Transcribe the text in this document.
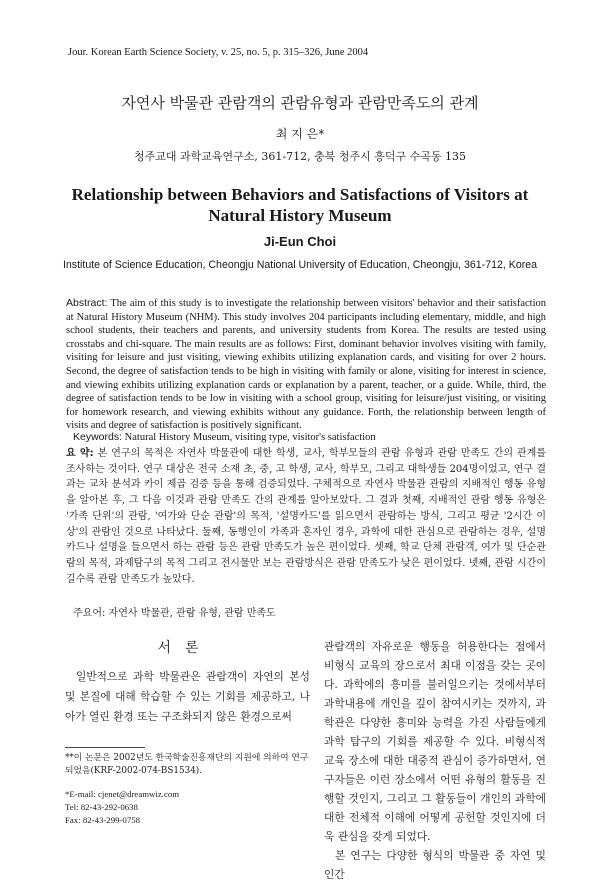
Jour. Korean Earth Science Society, v. 25, no. 5, p. 315–326, June 2004
자연사 박물관 관람객의 관람유형과 관람만족도의 관계
최 지 은*
청주교대 과학교육연구소, 361-712, 충북 청주시 흥덕구 수곡동 135
Relationship between Behaviors and Satisfactions of Visitors at
Natural History Museum
Ji-Eun Choi
Institute of Science Education, Cheongju National University of Education, Cheongju, 361-712, Korea
Abstract: The aim of this study is to investigate the relationship between visitors' behavior and their satisfaction at Natural History Museum (NHM). This study involves 204 participants including elementary, middle, and high school students, their teachers and parents, and university students from Korea. The results are tested using crosstabs and chi-square. The main results are as follows: First, dominant behavior involves visiting with family, visiting for leisure and just visiting, viewing exhibits utilizing explanation cards, and visiting for over 2 hours. Second, the degree of satisfaction tends to be high in visiting with family or alone, visiting for interest in science, and viewing exhibits utilizing explanation cards or explanation by a parent, teacher, or a guide. While, third, the degree of satisfaction tends to be low in visiting with a school group, visiting for leisure/just visiting, or visiting for homework research, and viewing exhibits without any guidance. Forth, the relationship between length of visits and degree of satisfaction is positively significant.
Keywords: Natural History Museum, visiting type, visitor's satisfaction
요 약: 본 연구의 목적은 자연사 박물관에 대한 학생, 교사, 학부모들의 관람 유형과 관람 만족도 간의 관계를 조사하는 것이다. 연구 대상은 전국 소재 초, 중, 고 학생, 교사, 학부모, 그리고 대학생들 204명이었고, 연구 결과는 교차 분석과 카이 제곱 검증 등을 통해 검증되었다. 구체적으로 자연사 박물관 관람의 지배적인 행동 유형을 알아본 후, 그 다음 이것과 관람 만족도 간의 관계를 알아보았다. 그 결과 첫째, 지배적인 관람 행동 유형은 '가족 단위'의 관람, '여가와 단순 관람'의 목적, '설명카드'를 읽으면서 관람하는 방식, 그리고 평균 '2시간 이상'의 관람인 것으로 나타났다. 둘째, 동행인이 가족과 혼자인 경우, 과학에 대한 관심으로 관람하는 경우, 설명카드나 설명을 들으면서 하는 관람 등은 관람 만족도가 높은 편이었다. 셋째, 학교 단체 관람객, 여가 및 단순관람의 목적, 과제탐구의 목적 그리고 전시물만 보는 관람방식은 관람 만족도가 낮은 편이었다. 넷째, 관람 시간이 길수록 관람 만족도가 높았다.
주요어: 자연사 박물관, 관람 유형, 관람 만족도
서론

일반적으로 과학 박물관은 관람객이 자연의 본성 및 본질에 대해 학습할 수 있는 기회를 제공하고, 나아가 열린 환경 또는 구조화되지 않은 환경으로써

**이 논문은 2002년도 한국학술진흥재단의 지원에 의하여 연구되었음(KRF-2002-074-BS1534).
*E-mail: cjenet@dreamwiz.com
Tel: 82-43-292-0638
Fax: 82-43-299-0758

관람객의 자유로운 행동을 허용한다는 점에서 비형식 교육의 장으로서 최대 이점을 갖는 곳이다. 과학에의 흥미를 불러일으키는 것에서부터 과학내용에 개인을 깊이 참여시키는 것까지, 과학관은 다양한 흥미와 능력을 가진 사람들에게 과학 탐구의 기회를 제공할 수 있다. 비형식적 교육 장소에 대한 대중적 관심이 증가하면서, 연구자들은 이런 장소에서 어떤 유형의 활동을 진행할 것인지, 그리고 그 활동들이 개인의 과학에 대한 전체적 이해에 어떻게 공헌할 것인지에 더욱 관심을 갖게 되었다.

본 연구는 다양한 형식의 박물관 중 자연 및 인간
